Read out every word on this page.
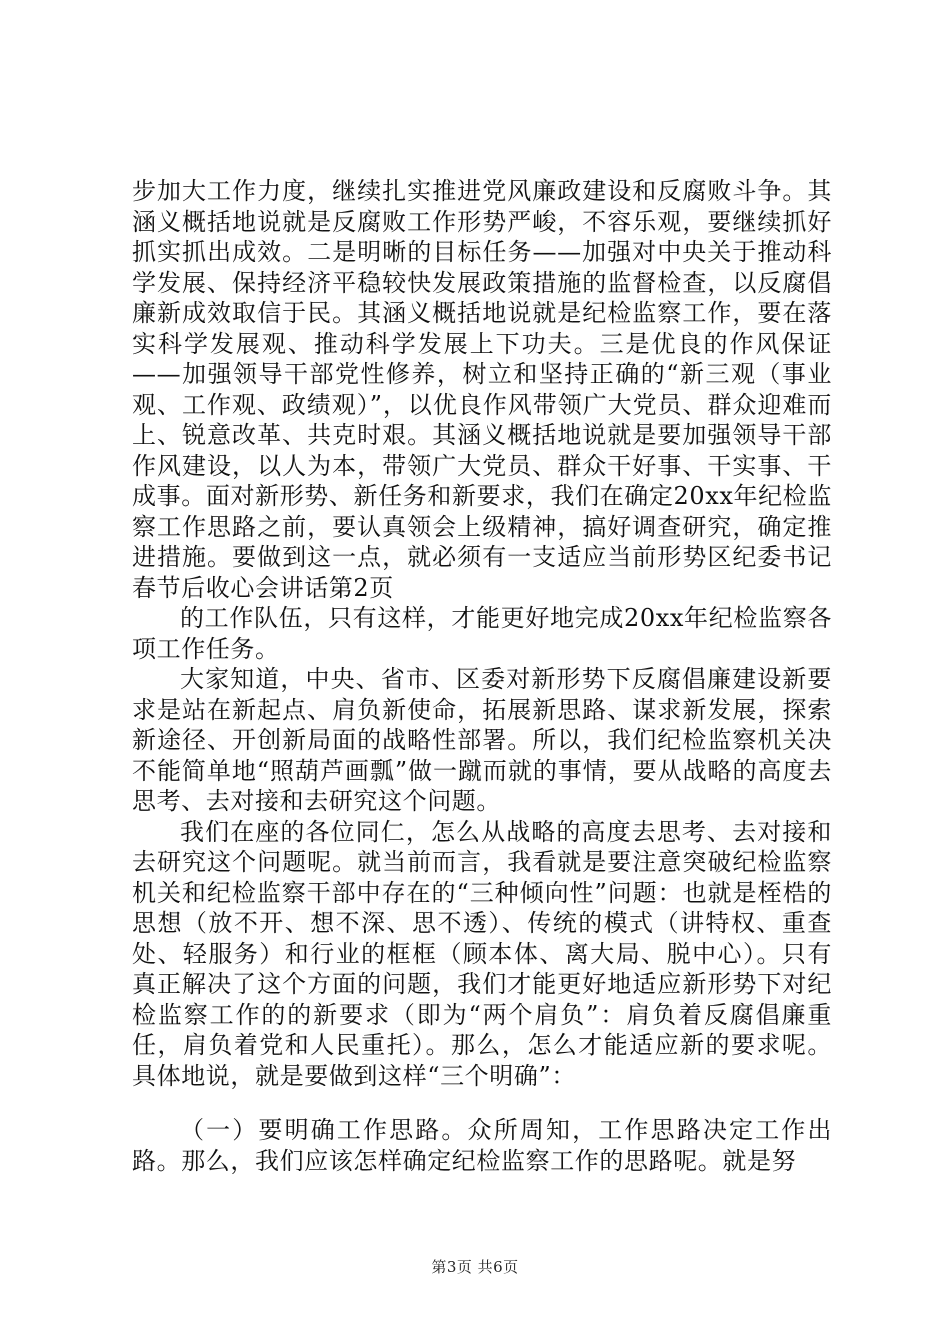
步加大工作力度，继续扎实推进党风廉政建设和反腐败斗争。其涵义概括地说就是反腐败工作形势严峻，不容乐观，要继续抓好抓实抓出成效。二是明晰的目标任务——加强对中央关于推动科学发展、保持经济平稳较快发展政策措施的监督检查，以反腐倡廉新成效取信于民。其涵义概括地说就是纪检监察工作，要在落实科学发展观、推动科学发展上下功夫。三是优良的作风保证——加强领导干部党性修养，树立和坚持正确的“新三观（事业观、工作观、政绩观）”，以优良作风带领广大党员、群众迎难而上、锐意改革、共克时艰。其涵义概括地说就是要加强领导干部作风建设，以人为本，带领广大党员、群众干好事、干实事、干成事。面对新形势、新任务和新要求，我们在确定20xx年纪检监察工作思路之前，要认真领会上级精神，搞好调查研究，确定推进措施。要做到这一点，就必须有一支适应当前形势区纪委书记春节后收心会讲话第2页

的工作队伍，只有这样，才能更好地完成20xx年纪检监察各项工作任务。

大家知道，中央、省市、区委对新形势下反腐倡廉建设新要求是站在新起点、肩负新使命，拓展新思路、谋求新发展，探索新途径、开创新局面的战略性部署。所以，我们纪检监察机关决不能简单地“照葫芦画瓢”做一蹴而就的事情，要从战略的高度去思考、去对接和去研究这个问题。

我们在座的各位同仁，怎么从战略的高度去思考、去对接和去研究这个问题呢。就当前而言，我看就是要注意突破纪检监察机关和纪检监察干部中存在的“三种倾向性”问题：也就是桎梏的思想（放不开、想不深、思不透）、传统的模式（讲特权、重查处、轻服务）和行业的框框（顾本体、离大局、脱中心）。只有真正解决了这个方面的问题，我们才能更好地适应新形势下对纪检监察工作的的新要求（即为“两个肩负”：肩负着反腐倡廉重任，肩负着党和人民重托）。那么，怎么才能适应新的要求呢。具体地说，就是要做到这样“三个明确”：

（一）要明确工作思路。众所周知，工作思路决定工作出路。那么，我们应该怎样确定纪检监察工作的思路呢。就是努

第3页 共6页
